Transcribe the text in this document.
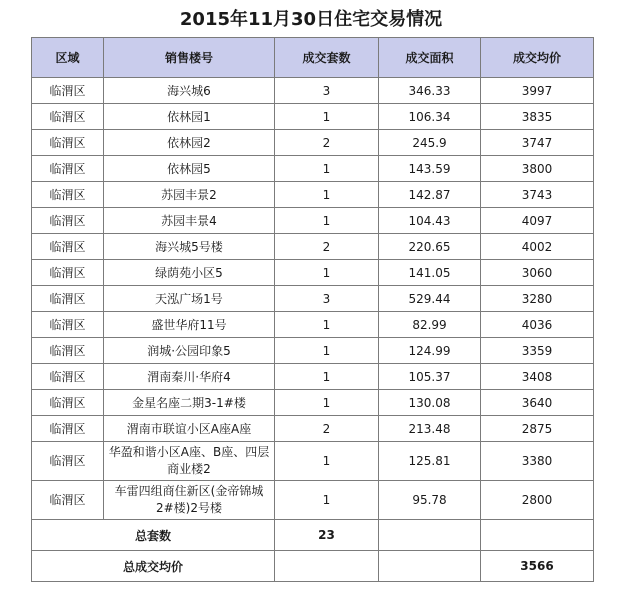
2015年11月30日住宅交易情况
区域	销售楼号	成交套数	成交面积	成交均价
临渭区	海兴城6	3	346.33	3997
临渭区	依林园1	1	106.34	3835
临渭区	依林园2	2	245.9	3747
临渭区	依林园5	1	143.59	3800
临渭区	苏园丰景2	1	142.87	3743
临渭区	苏园丰景4	1	104.43	4097
临渭区	海兴城5号楼	2	220.65	4002
临渭区	绿荫苑小区5	1	141.05	3060
临渭区	天泓广场1号	3	529.44	3280
临渭区	盛世华府11号	1	82.99	4036
临渭区	润城·公园印象5	1	124.99	3359
临渭区	渭南秦川·华府4	1	105.37	3408
临渭区	金星名座二期3-1#楼	1	130.08	3640
临渭区	渭南市联谊小区A座A座	2	213.48	2875
临渭区	华盈和谐小区A座、B座、四层商业楼2	1	125.81	3380
临渭区	车雷四组商住新区(金帝锦城2#楼)2号楼	1	95.78	2800
总套数		23		
总成交均价				3566
